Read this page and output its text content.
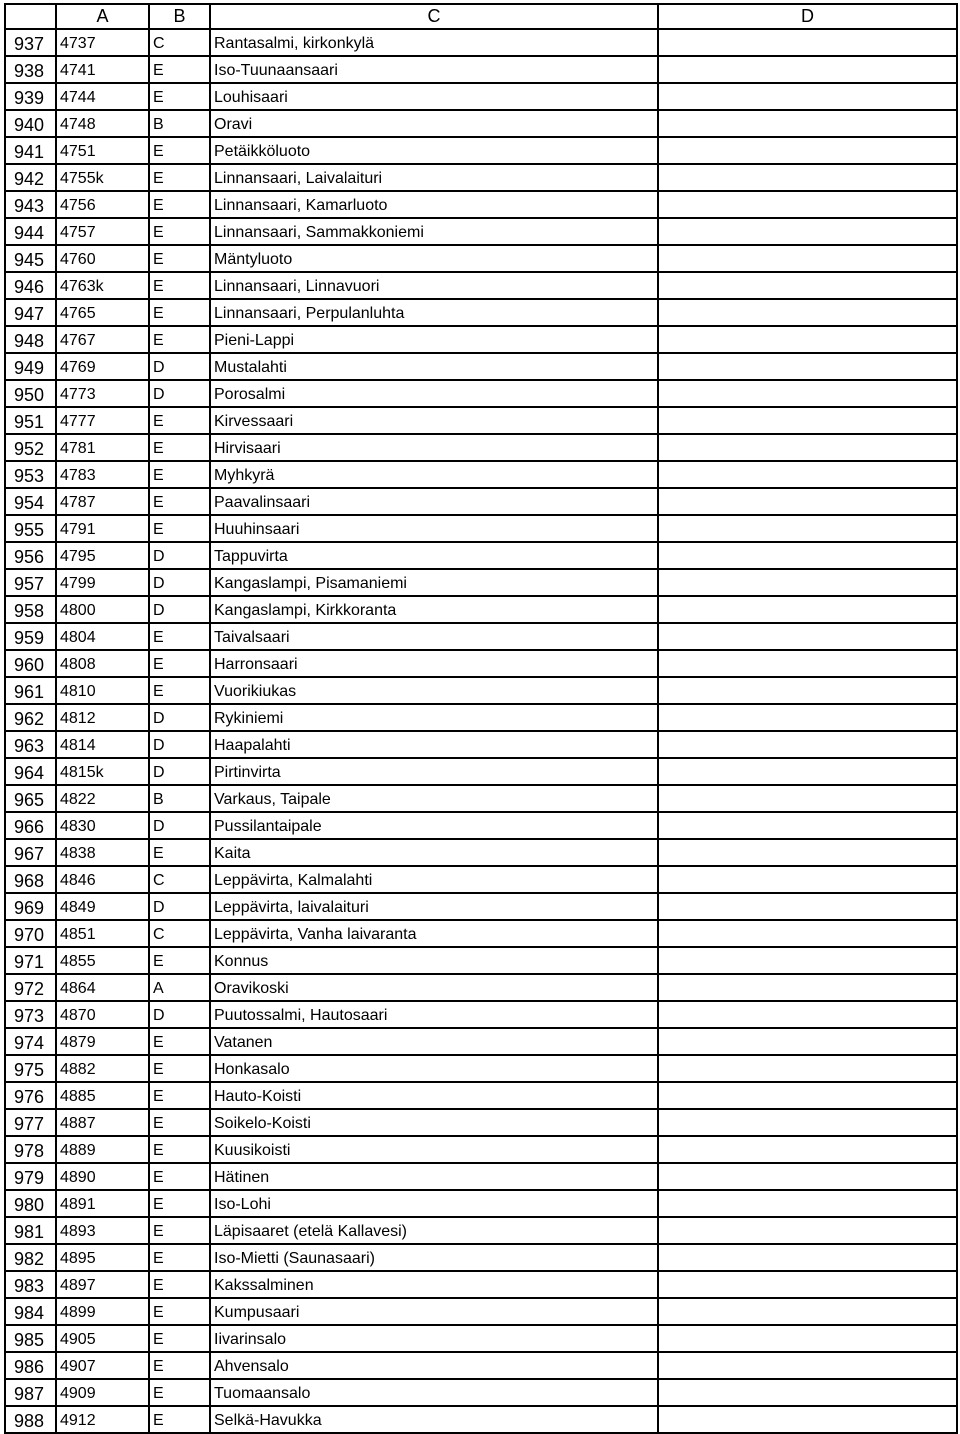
	A	B	C	D
937	4737	C	Rantasalmi, kirkonkylä	
938	4741	E	Iso-Tuunaansaari	
939	4744	E	Louhisaari	
940	4748	B	Oravi	
941	4751	E	Petäikköluoto	
942	4755k	E	Linnansaari, Laivalaituri	
943	4756	E	Linnansaari, Kamarluoto	
944	4757	E	Linnansaari, Sammakkoniemi	
945	4760	E	Mäntyluoto	
946	4763k	E	Linnansaari, Linnavuori	
947	4765	E	Linnansaari, Perpulanluhta	
948	4767	E	Pieni-Lappi	
949	4769	D	Mustalahti	
950	4773	D	Porosalmi	
951	4777	E	Kirvessaari	
952	4781	E	Hirvisaari	
953	4783	E	Myhkyrä	
954	4787	E	Paavalinsaari	
955	4791	E	Huuhinsaari	
956	4795	D	Tappuvirta	
957	4799	D	Kangaslampi, Pisamaniemi	
958	4800	D	Kangaslampi, Kirkkoranta	
959	4804	E	Taivalsaari	
960	4808	E	Harronsaari	
961	4810	E	Vuorikiukas	
962	4812	D	Rykiniemi	
963	4814	D	Haapalahti	
964	4815k	D	Pirtinvirta	
965	4822	B	Varkaus, Taipale	
966	4830	D	Pussilantaipale	
967	4838	E	Kaita	
968	4846	C	Leppävirta, Kalmalahti	
969	4849	D	Leppävirta, laivalaituri	
970	4851	C	Leppävirta, Vanha laivaranta	
971	4855	E	Konnus	
972	4864	A	Oravikoski	
973	4870	D	Puutossalmi, Hautosaari	
974	4879	E	Vatanen	
975	4882	E	Honkasalo	
976	4885	E	Hauto-Koisti	
977	4887	E	Soikelo-Koisti	
978	4889	E	Kuusikoisti	
979	4890	E	Hätinen	
980	4891	E	Iso-Lohi	
981	4893	E	Läpisaaret (etelä Kallavesi)	
982	4895	E	Iso-Mietti (Saunasaari)	
983	4897	E	Kakssalminen	
984	4899	E	Kumpusaari	
985	4905	E	Iivarinsalo	
986	4907	E	Ahvensalo	
987	4909	E	Tuomaansalo	
988	4912	E	Selkä-Havukka	
